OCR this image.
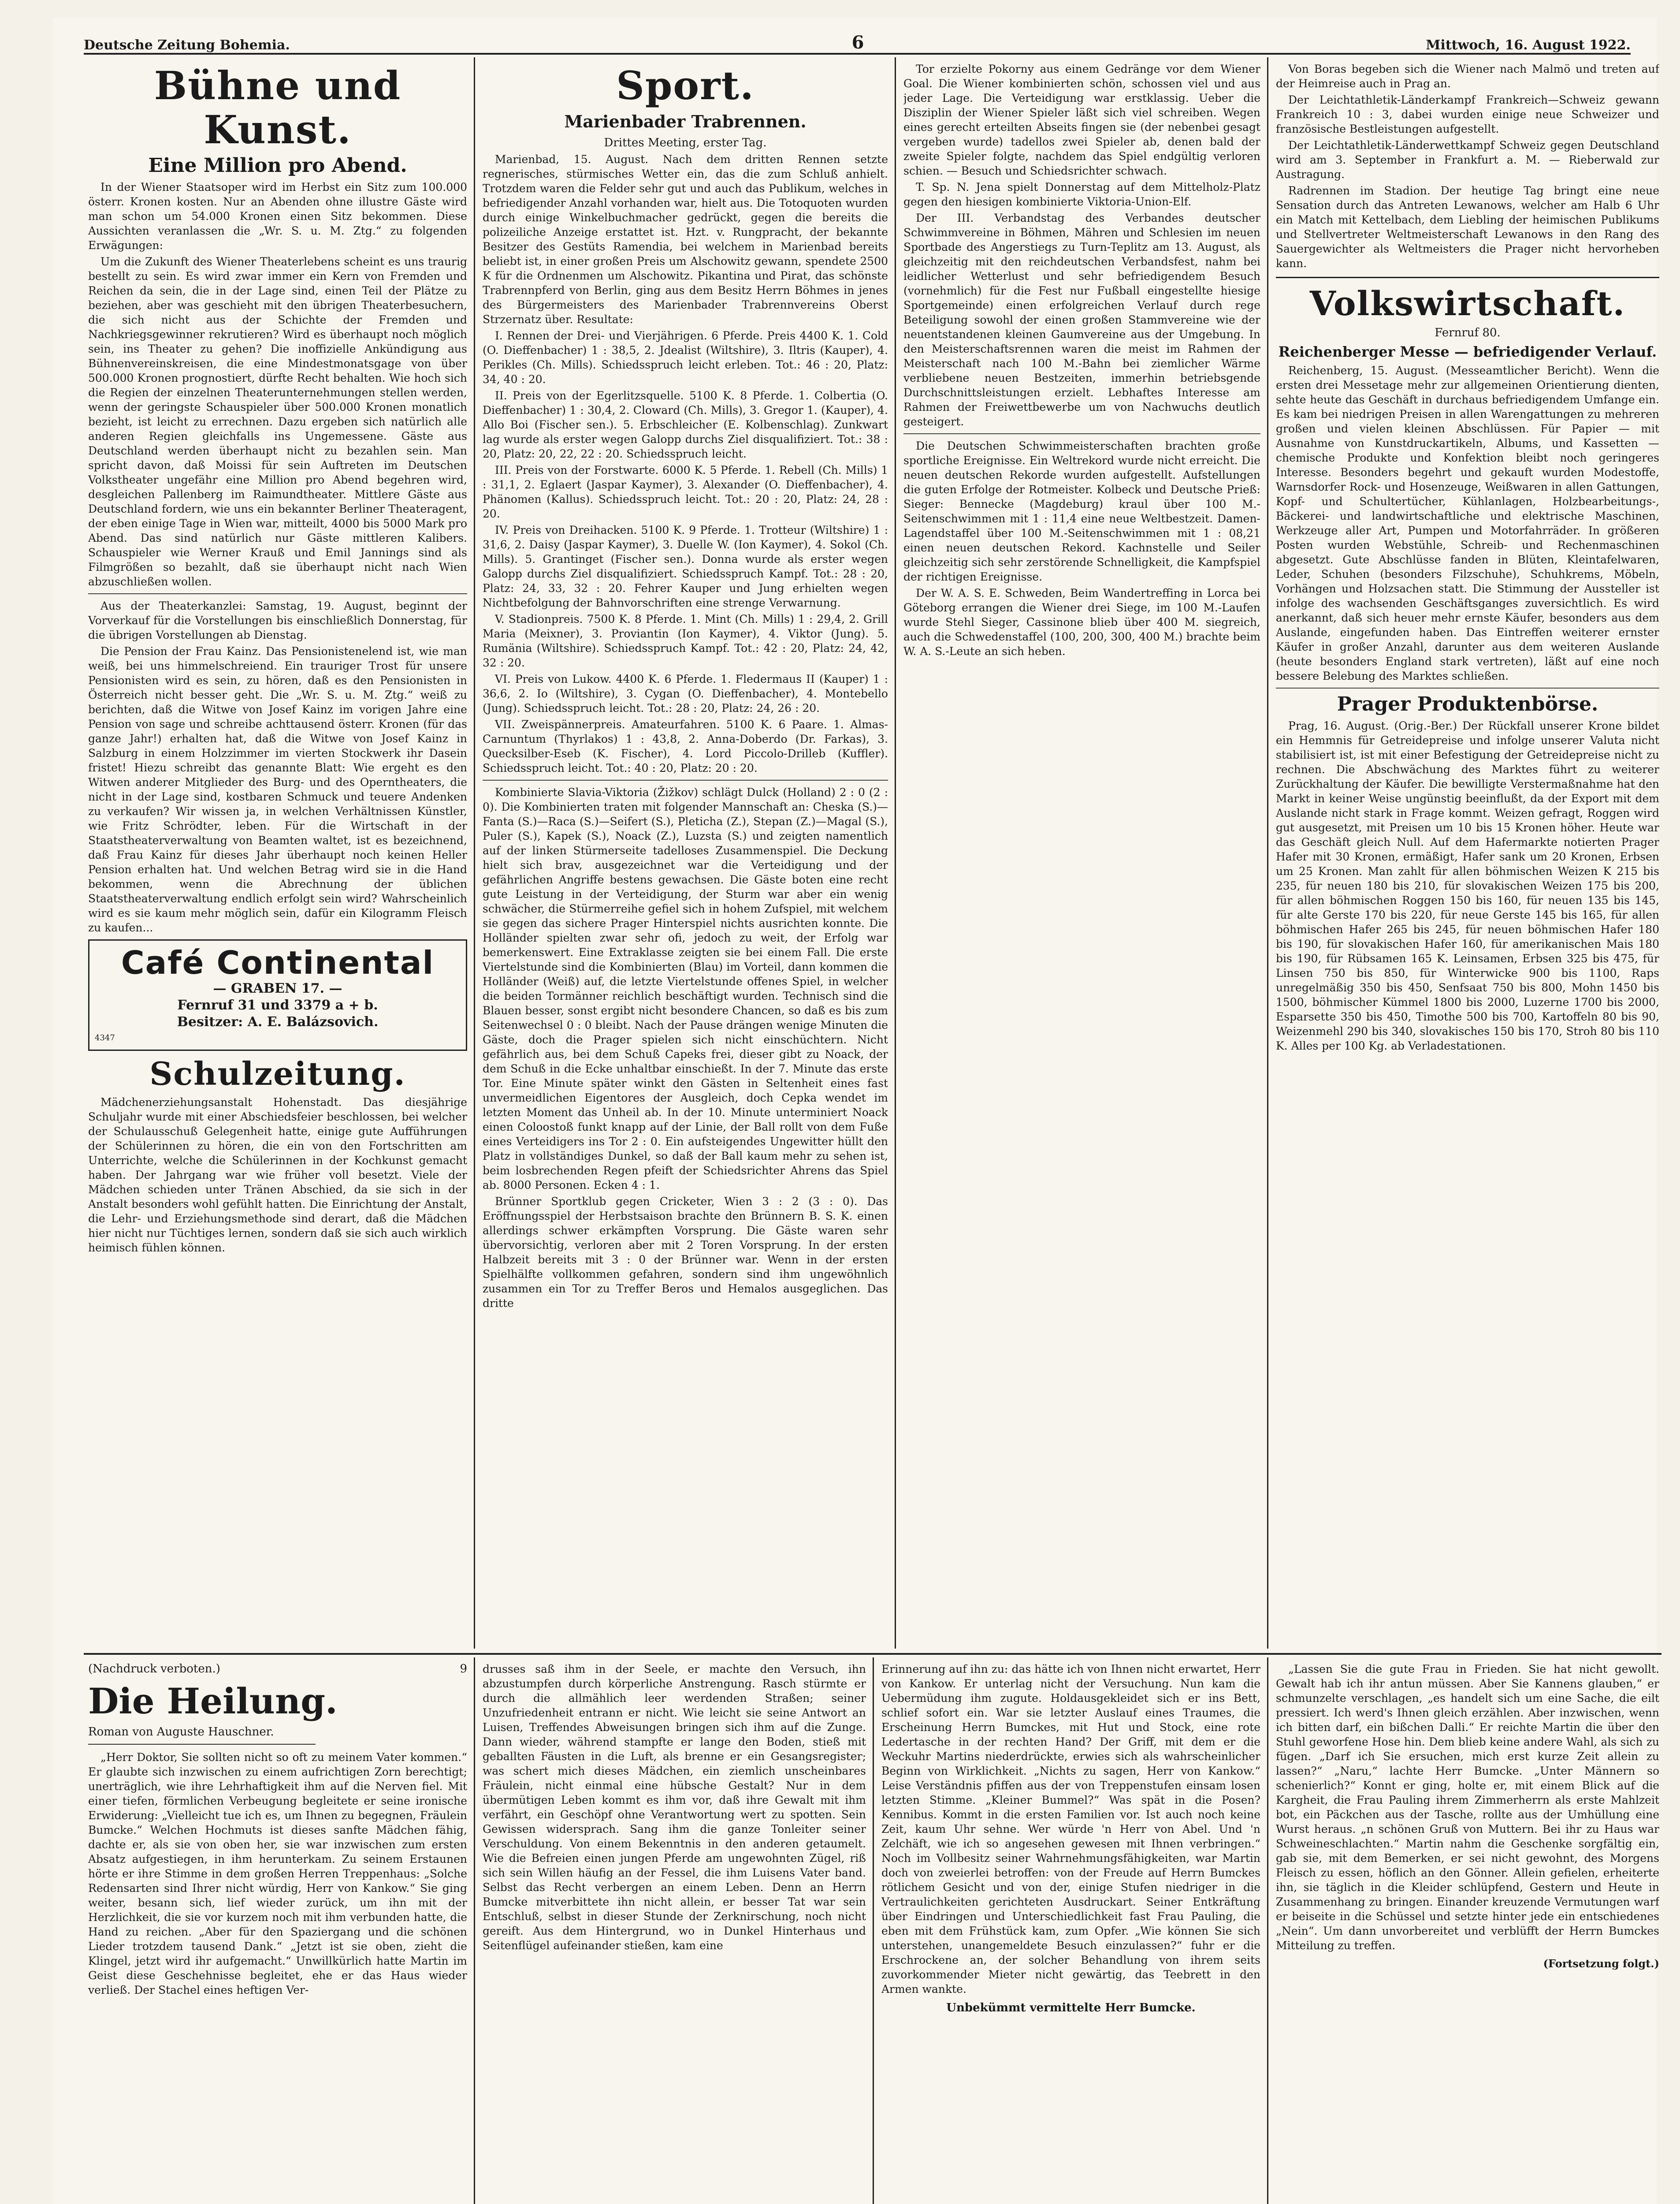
Deutsche Zeitung Bohemia.	6	Mittwoch, 16. August 1922.
Bühne und Kunst.
Eine Million pro Abend.

In der Wiener Staatsoper wird im Herbst ein Sitz zum 100.000 österr. Kronen kosten. Nur an Abenden ohne illustre Gäste wird man schon um 54.000 Kronen einen Sitz bekommen. Diese Aussichten veranlassen die „Wr. S. u. M. Ztg.“ zu folgenden Erwägungen:

Um die Zukunft des Wiener Theaterlebens scheint es uns traurig bestellt zu sein. Es wird zwar immer ein Kern von Fremden und Reichen da sein, die in der Lage sind, einen Teil der Plätze zu beziehen, aber was geschieht mit den übrigen Theaterbesuchern, die sich nicht aus der Schichte der Fremden und Nachkriegsgewinner rekrutieren? Wird es überhaupt noch möglich sein, ins Theater zu gehen? Die inoffizielle Ankündigung aus Bühnenvereinskreisen, die eine Mindestmonatsgage von über 500.000 Kronen prognostiert, dürfte Recht behalten. Wie hoch sich die Regien der einzelnen Theaterunternehmungen stellen werden, wenn der geringste Schauspieler über 500.000 Kronen monatlich bezieht, ist leicht zu errechnen. Dazu ergeben sich natürlich alle anderen Regien gleichfalls ins Ungemessene. Gäste aus Deutschland werden überhaupt nicht zu bezahlen sein. Man spricht davon, daß Moissi für sein Auftreten im Deutschen Volkstheater ungefähr eine Million pro Abend begehren wird, desgleichen Pallenberg im Raimundtheater. Mittlere Gäste aus Deutschland fordern, wie uns ein bekannter Berliner Theateragent, der eben einige Tage in Wien war, mitteilt, 4000 bis 5000 Mark pro Abend. Das sind natürlich nur Gäste mittleren Kalibers. Schauspieler wie Werner Krauß und Emil Jannings sind als Filmgrößen so bezahlt, daß sie überhaupt nicht nach Wien abzuschließen wollen.

Aus der Theaterkanzlei: Samstag, 19. August, beginnt der Vorverkauf für die Vorstellungen bis einschließlich Donnerstag, für die übrigen Vorstellungen ab Dienstag.

Die Pension der Frau Kainz. Das Pensionistenelend ist, wie man weiß, bei uns himmelschreiend. Ein trauriger Trost für unsere Pensionisten wird es sein, zu hören, daß es den Pensionisten in Österreich nicht besser geht. Die „Wr. S. u. M. Ztg.“ weiß zu berichten, daß die Witwe von Josef Kainz im vorigen Jahre eine Pension von sage und schreibe achttausend österr. Kronen (für das ganze Jahr!) erhalten hat, daß die Witwe von Josef Kainz in Salzburg in einem Holzzimmer im vierten Stockwerk ihr Dasein fristet! Hiezu schreibt das genannte Blatt: Wie ergeht es den Witwen anderer Mitglieder des Burg- und des Operntheaters, die nicht in der Lage sind, kostbaren Schmuck und teuere Andenken zu verkaufen? Wir wissen ja, in welchen Verhältnissen Künstler, wie Fritz Schrödter, leben. Für die Wirtschaft in der Staatstheaterverwaltung von Beamten waltet, ist es bezeichnend, daß Frau Kainz für dieses Jahr überhaupt noch keinen Heller Pension erhalten hat. Und welchen Betrag wird sie in die Hand bekommen, wenn die Abrechnung der üblichen Staatstheaterverwaltung endlich erfolgt sein wird? Wahrscheinlich wird es sie kaum mehr möglich sein, dafür ein Kilogramm Fleisch zu kaufen...

Café Continental
— GRABEN 17. —
Fernruf 31 und 3379 a + b.
Besitzer: A. E. Balázsovich.
4347
Schulzeitung.

Mädchenerziehungsanstalt Hohenstadt. Das diesjährige Schuljahr wurde mit einer Abschiedsfeier beschlossen, bei welcher der Schulausschuß Gelegenheit hatte, einige gute Aufführungen der Schülerinnen zu hören, die ein von den Fortschritten am Unterrichte, welche die Schülerinnen in der Kochkunst gemacht haben. Der Jahrgang war wie früher voll besetzt. Viele der Mädchen schieden unter Tränen Abschied, da sie sich in der Anstalt besonders wohl gefühlt hatten. Die Einrichtung der Anstalt, die Lehr- und Erziehungsmethode sind derart, daß die Mädchen hier nicht nur Tüchtiges lernen, sondern daß sie sich auch wirklich heimisch fühlen können.

Sport.
Marienbader Trabrennen.
Drittes Meeting, erster Tag.

Marienbad, 15. August. Nach dem dritten Rennen setzte regnerisches, stürmisches Wetter ein, das die zum Schluß anhielt. Trotzdem waren die Felder sehr gut und auch das Publikum, welches in befriedigender Anzahl vorhanden war, hielt aus. Die Totoquoten wurden durch einige Winkelbuchmacher gedrückt, gegen die bereits die polizeiliche Anzeige erstattet ist. Hzt. v. Rungpracht, der bekannte Besitzer des Gestüts Ramendia, bei welchem in Marienbad bereits beliebt ist, in einer großen Preis um Alschowitz gewann, spendete 2500 K für die Ordnenmen um Alschowitz. Pikantina und Pirat, das schönste Trabrennpferd von Berlin, ging aus dem Besitz Herrn Böhmes in jenes des Bürgermeisters des Marienbader Trabrennvereins Oberst Strzernatz über. Resultate:

I. Rennen der Drei- und Vierjährigen. 6 Pferde. Preis 4400 K. 1. Cold (O. Dieffenbacher) 1 : 38,5, 2. Jdealist (Wiltshire), 3. Iltris (Kauper), 4. Perikles (Ch. Mills). Schiedsspruch leicht erleben. Tot.: 46 : 20, Platz: 34, 40 : 20.

II. Preis von der Egerlitzsquelle. 5100 K. 8 Pferde. 1. Colbertia (O. Dieffenbacher) 1 : 30,4, 2. Cloward (Ch. Mills), 3. Gregor 1. (Kauper), 4. Allo Boi (Fischer sen.). 5. Erbschleicher (E. Kolbenschlag). Zunkwart lag wurde als erster wegen Galopp durchs Ziel disqualifiziert. Tot.: 38 : 20, Platz: 20, 22, 22 : 20. Schiedsspruch leicht.

III. Preis von der Forstwarte. 6000 K. 5 Pferde. 1. Rebell (Ch. Mills) 1 : 31,1, 2. Eglaert (Jaspar Kaymer), 3. Alexander (O. Dieffenbacher), 4. Phänomen (Kallus). Schiedsspruch leicht. Tot.: 20 : 20, Platz: 24, 28 : 20.

IV. Preis von Dreihacken. 5100 K. 9 Pferde. 1. Trotteur (Wiltshire) 1 : 31,6, 2. Daisy (Jaspar Kaymer), 3. Duelle W. (Ion Kaymer), 4. Sokol (Ch. Mills). 5. Grantinget (Fischer sen.). Donna wurde als erster wegen Galopp durchs Ziel disqualifiziert. Schiedsspruch Kampf. Tot.: 28 : 20, Platz: 24, 33, 32 : 20. Fehrer Kauper und Jung erhielten wegen Nichtbefolgung der Bahnvorschriften eine strenge Verwarnung.

V. Stadionpreis. 7500 K. 8 Pferde. 1. Mint (Ch. Mills) 1 : 29,4, 2. Grill Maria (Meixner), 3. Proviantin (Ion Kaymer), 4. Viktor (Jung). 5. Rumänia (Wiltshire). Schiedsspruch Kampf. Tot.: 42 : 20, Platz: 24, 42, 32 : 20.

VI. Preis von Lukow. 4400 K. 6 Pferde. 1. Fledermaus II (Kauper) 1 : 36,6, 2. Io (Wiltshire), 3. Cygan (O. Dieffenbacher), 4. Montebello (Jung). Schiedsspruch leicht. Tot.: 28 : 20, Platz: 24, 26 : 20.

VII. Zweispännerpreis. Amateurfahren. 5100 K. 6 Paare. 1. Almas-Carnuntum (Thyrlakos) 1 : 43,8, 2. Anna-Doberdo (Dr. Farkas), 3. Quecksilber-Eseb (K. Fischer), 4. Lord Piccolo-Drilleb (Kuffler). Schiedsspruch leicht. Tot.: 40 : 20, Platz: 20 : 20.

Kombinierte Slavia-Viktoria (Žižkov) schlägt Dulck (Holland) 2 : 0 (2 : 0). Die Kombinierten traten mit folgender Mannschaft an: Cheska (S.)—Fanta (S.)—Raca (S.)—Seifert (S.), Pleticha (Z.), Stepan (Z.)—Magal (S.), Puler (S.), Kapek (S.), Noack (Z.), Luzsta (S.) und zeigten namentlich auf der linken Stürmerseite tadelloses Zusammenspiel. Die Deckung hielt sich brav, ausgezeichnet war die Verteidigung und der gefährlichen Angriffe bestens gewachsen. Die Gäste boten eine recht gute Leistung in der Verteidigung, der Sturm war aber ein wenig schwächer, die Stürmerreihe gefiel sich in hohem Zufspiel, mit welchem sie gegen das sichere Prager Hinterspiel nichts ausrichten konnte. Die Holländer spielten zwar sehr ofi, jedoch zu weit, der Erfolg war bemerkenswert. Eine Extraklasse zeigten sie bei einem Fall. Die erste Viertelstunde sind die Kombinierten (Blau) im Vorteil, dann kommen die Holländer (Weiß) auf, die letzte Viertelstunde offenes Spiel, in welcher die beiden Tormänner reichlich beschäftigt wurden. Technisch sind die Blauen besser, sonst ergibt nicht besondere Chancen, so daß es bis zum Seitenwechsel 0 : 0 bleibt. Nach der Pause drängen wenige Minuten die Gäste, doch die Prager spielen sich nicht einschüchtern. Nicht gefährlich aus, bei dem Schuß Capeks frei, dieser gibt zu Noack, der dem Schuß in die Ecke unhaltbar einschießt. In der 7. Minute das erste Tor. Eine Minute später winkt den Gästen in Seltenheit eines fast unvermeidlichen Eigentores der Ausgleich, doch Cepka wendet im letzten Moment das Unheil ab. In der 10. Minute unterminiert Noack einen Coloostoß funkt knapp auf der Linie, der Ball rollt von dem Fuße eines Verteidigers ins Tor 2 : 0. Ein aufsteigendes Ungewitter hüllt den Platz in vollständiges Dunkel, so daß der Ball kaum mehr zu sehen ist, beim losbrechenden Regen pfeift der Schiedsrichter Ahrens das Spiel ab. 8000 Personen. Ecken 4 : 1.

Brünner Sportklub gegen Cricketer, Wien 3 : 2 (3 : 0). Das Eröffnungsspiel der Herbstsaison brachte den Brünnern B. S. K. einen allerdings schwer erkämpften Vorsprung. Die Gäste waren sehr übervorsichtig, verloren aber mit 2 Toren Vorsprung. In der ersten Halbzeit bereits mit 3 : 0 der Brünner war. Wenn in der ersten Spielhälfte vollkommen gefahren, sondern sind ihm ungewöhnlich zusammen ein Tor zu Treffer Beros und Hemalos ausgeglichen. Das dritte

Tor erzielte Pokorny aus einem Gedränge vor dem Wiener Goal. Die Wiener kombinierten schön, schossen viel und aus jeder Lage. Die Verteidigung war erstklassig. Ueber die Disziplin der Wiener Spieler läßt sich viel schreiben. Wegen eines gerecht erteilten Abseits fingen sie (der nebenbei gesagt vergeben wurde) tadellos zwei Spieler ab, denen bald der zweite Spieler folgte, nachdem das Spiel endgültig verloren schien. — Besuch und Schiedsrichter schwach.

T. Sp. N. Jena spielt Donnerstag auf dem Mittelholz-Platz gegen den hiesigen kombinierte Viktoria-Union-Elf.

Der III. Verbandstag des Verbandes deutscher Schwimmvereine in Böhmen, Mähren und Schlesien im neuen Sportbade des Angerstiegs zu Turn-Teplitz am 13. August, als gleichzeitig mit den reichdeutschen Verbandsfest, nahm bei leidlicher Wetterlust und sehr befriedigendem Besuch (vornehmlich) für die Fest nur Fußball eingestellte hiesige Sportgemeinde) einen erfolgreichen Verlauf durch rege Beteiligung sowohl der einen großen Stammvereine wie der neuentstandenen kleinen Gaumvereine aus der Umgebung. In den Meisterschaftsrennen waren die meist im Rahmen der Meisterschaft nach 100 M.-Bahn bei ziemlicher Wärme verbliebene neuen Bestzeiten, immerhin betriebsgende Durchschnittsleistungen erzielt. Lebhaftes Interesse am Rahmen der Freiwettbewerbe um von Nachwuchs deutlich gesteigert.

Die Deutschen Schwimmeisterschaften brachten große sportliche Ereignisse. Ein Weltrekord wurde nicht erreicht. Die neuen deutschen Rekorde wurden aufgestellt. Aufstellungen die guten Erfolge der Rotmeister. Kolbeck und Deutsche Prieß: Sieger: Bennecke (Magdeburg) kraul über 100 M.-Seitenschwimmen mit 1 : 11,4 eine neue Weltbestzeit. Damen-Lagendstaffel über 100 M.-Seitenschwimmen mit 1 : 08,21 einen neuen deutschen Rekord. Kachnstelle und Seiler gleichzeitig sich sehr zerstörende Schnelligkeit, die Kampfspiel der richtigen Ereignisse.

Der W. A. S. E. Schweden, Beim Wandertreffing in Lorca bei Göteborg errangen die Wiener drei Siege, im 100 M.-Laufen wurde Stehl Sieger, Cassinone blieb über 400 M. siegreich, auch die Schwedenstaffel (100, 200, 300, 400 M.) brachte beim W. A. S.-Leute an sich heben.

Von Boras begeben sich die Wiener nach Malmö und treten auf der Heimreise auch in Prag an.

Der Leichtathletik-Länderkampf Frankreich—Schweiz gewann Frankreich 10 : 3, dabei wurden einige neue Schweizer und französische Bestleistungen aufgestellt.

Der Leichtathletik-Länderwettkampf Schweiz gegen Deutschland wird am 3. September in Frankfurt a. M. — Rieberwald zur Austragung.

Radrennen im Stadion. Der heutige Tag bringt eine neue Sensation durch das Antreten Lewanows, welcher am Halb 6 Uhr ein Match mit Kettelbach, dem Liebling der heimischen Publikums und Stellvertreter Weltmeisterschaft Lewanows in den Rang des Sauergewichter als Weltmeisters die Prager nicht hervorheben kann.

Volkswirtschaft.
Fernruf 80.
Reichenberger Messe — befriedigender Verlauf.

Reichenberg, 15. August. (Messeamtlicher Bericht). Wenn die ersten drei Messetage mehr zur allgemeinen Orientierung dienten, sehte heute das Geschäft in durchaus befriedigendem Umfange ein. Es kam bei niedrigen Preisen in allen Warengattungen zu mehreren großen und vielen kleinen Abschlüssen. Für Papier — mit Ausnahme von Kunstdruckartikeln, Albums, und Kassetten — chemische Produkte und Konfektion bleibt noch geringeres Interesse. Besonders begehrt und gekauft wurden Modestoffe, Warnsdorfer Rock- und Hosenzeuge, Weißwaren in allen Gattungen, Kopf- und Schultertücher, Kühlanlagen, Holzbearbeitungs-, Bäckerei- und landwirtschaftliche und elektrische Maschinen, Werkzeuge aller Art, Pumpen und Motorfahrräder. In größeren Posten wurden Webstühle, Schreib- und Rechenmaschinen abgesetzt. Gute Abschlüsse fanden in Blüten, Kleintafelwaren, Leder, Schuhen (besonders Filzschuhe), Schuhkrems, Möbeln, Vorhängen und Holzsachen statt. Die Stimmung der Aussteller ist infolge des wachsenden Geschäftsganges zuversichtlich. Es wird anerkannt, daß sich heuer mehr ernste Käufer, besonders aus dem Auslande, eingefunden haben. Das Eintreffen weiterer ernster Käufer in großer Anzahl, darunter aus dem weiteren Auslande (heute besonders England stark vertreten), läßt auf eine noch bessere Belebung des Marktes schließen.

Prager Produktenbörse.

Prag, 16. August. (Orig.-Ber.) Der Rückfall unserer Krone bildet ein Hemmnis für Getreidepreise und infolge unserer Valuta nicht stabilisiert ist, ist mit einer Befestigung der Getreidepreise nicht zu rechnen. Die Abschwächung des Marktes führt zu weiterer Zurückhaltung der Käufer. Die bewilligte Verstermaßnahme hat den Markt in keiner Weise ungünstig beeinflußt, da der Export mit dem Auslande nicht stark in Frage kommt. Weizen gefragt, Roggen wird gut ausgesetzt, mit Preisen um 10 bis 15 Kronen höher. Heute war das Geschäft gleich Null. Auf dem Hafermarkte notierten Prager Hafer mit 30 Kronen, ermäßigt, Hafer sank um 20 Kronen, Erbsen um 25 Kronen. Man zahlt für allen böhmischen Weizen K 215 bis 235, für neuen 180 bis 210, für slovakischen Weizen 175 bis 200, für allen böhmischen Roggen 150 bis 160, für neuen 135 bis 145, für alte Gerste 170 bis 220, für neue Gerste 145 bis 165, für allen böhmischen Hafer 265 bis 245, für neuen böhmischen Hafer 180 bis 190, für slovakischen Hafer 160, für amerikanischen Mais 180 bis 190, für Rübsamen 165 K. Leinsamen, Erbsen 325 bis 475, für Linsen 750 bis 850, für Winterwicke 900 bis 1100, Raps unregelmäßig 350 bis 450, Senfsaat 750 bis 800, Mohn 1450 bis 1500, böhmischer Kümmel 1800 bis 2000, Luzerne 1700 bis 2000, Esparsette 350 bis 450, Timothe 500 bis 700, Kartoffeln 80 bis 90, Weizenmehl 290 bis 340, slovakisches 150 bis 170, Stroh 80 bis 110 K. Alles per 100 Kg. ab Verladestationen.

(Nachdruck verboten.)	9
Die Heilung.
Roman von Auguste Hauschner.

„Herr Doktor, Sie sollten nicht so oft zu meinem Vater kommen.“ Er glaubte sich inzwischen zu einem aufrichtigen Zorn berechtigt; unerträglich, wie ihre Lehrhaftigkeit ihm auf die Nerven fiel. Mit einer tiefen, förmlichen Verbeugung begleitete er seine ironische Erwiderung: „Vielleicht tue ich es, um Ihnen zu begegnen, Fräulein Bumcke.“ Welchen Hochmuts ist dieses sanfte Mädchen fähig, dachte er, als sie von oben her, sie war inzwischen zum ersten Absatz aufgestiegen, in ihm herunterkam. Zu seinem Erstaunen hörte er ihre Stimme in dem großen Herren Treppenhaus: „Solche Redensarten sind Ihrer nicht würdig, Herr von Kankow.“ Sie ging weiter, besann sich, lief wieder zurück, um ihn mit der Herzlichkeit, die sie vor kurzem noch mit ihm verbunden hatte, die Hand zu reichen. „Aber für den Spaziergang und die schönen Lieder trotzdem tausend Dank.“ „Jetzt ist sie oben, zieht die Klingel, jetzt wird ihr aufgemacht.“ Unwillkürlich hatte Martin im Geist diese Geschehnisse begleitet, ehe er das Haus wieder verließ. Der Stachel eines heftigen Ver-

drusses saß ihm in der Seele, er machte den Versuch, ihn abzustumpfen durch körperliche Anstrengung. Rasch stürmte er durch die allmählich leer werdenden Straßen; seiner Unzufriedenheit entrann er nicht. Wie leicht sie seine Antwort an Luisen, Treffendes Abweisungen bringen sich ihm auf die Zunge. Dann wieder, während stampfte er lange den Boden, stieß mit geballten Fäusten in die Luft, als brenne er ein Gesangsregister; was schert mich dieses Mädchen, ein ziemlich unscheinbares Fräulein, nicht einmal eine hübsche Gestalt? Nur in dem übermütigen Leben kommt es ihm vor, daß ihre Gewalt mit ihm verfährt, ein Geschöpf ohne Verantwortung wert zu spotten. Sein Gewissen widersprach. Sang ihm die ganze Tonleiter seiner Verschuldung. Von einem Bekenntnis in den anderen getaumelt. Wie die Befreien einen jungen Pferde am ungewohnten Zügel, riß sich sein Willen häufig an der Fessel, die ihm Luisens Vater band. Selbst das Recht verbergen an einem Leben. Denn an Herrn Bumcke mitverbittete ihn nicht allein, er besser Tat war sein Entschluß, selbst in dieser Stunde der Zerknirschung, noch nicht gereift. Aus dem Hintergrund, wo in Dunkel Hinterhaus und Seitenflügel aufeinander stießen, kam eine

Erinnerung auf ihn zu: das hätte ich von Ihnen nicht erwartet, Herr von Kankow. Er unterlag nicht der Versuchung. Nun kam die Uebermüdung ihm zugute. Holdausgekleidet sich er ins Bett, schlief sofort ein. War sie letzter Auslauf eines Traumes, die Erscheinung Herrn Bumckes, mit Hut und Stock, eine rote Ledertasche in der rechten Hand? Der Griff, mit dem er die Weckuhr Martins niederdrückte, erwies sich als wahrscheinlicher Beginn von Wirklichkeit. „Nichts zu sagen, Herr von Kankow.“ Leise Verständnis pfiffen aus der von Treppenstufen einsam losen letzten Stimme. „Kleiner Bummel?“ Was spät in die Posen? Kennibus. Kommt in die ersten Familien vor. Ist auch noch keine Zeit, kaum Uhr sehne. Wer würde 'n Herr von Abel. Und 'n Zelchäft, wie ich so angesehen gewesen mit Ihnen verbringen.“ Noch im Vollbesitz seiner Wahrnehmungsfähigkeiten, war Martin doch von zweierlei betroffen: von der Freude auf Herrn Bumckes rötlichem Gesicht und von der, einige Stufen niedriger in die Vertraulichkeiten gerichteten Ausdruckart. Seiner Entkräftung über Eindringen und Unterschiedlichkeit fast Frau Pauling, die eben mit dem Frühstück kam, zum Opfer. „Wie können Sie sich unterstehen, unangemeldete Besuch einzulassen?“ fuhr er die Erschrockene an, der solcher Behandlung von ihrem seits zuvorkommender Mieter nicht gewärtig, das Teebrett in den Armen wankte.

Unbekümmt vermittelte Herr Bumcke.

„Lassen Sie die gute Frau in Frieden. Sie hat nicht gewollt. Gewalt hab ich ihr antun müssen. Aber Sie Kannens glauben,“ er schmunzelte verschlagen, „es handelt sich um eine Sache, die eilt pressiert. Ich werd's Ihnen gleich erzählen. Aber inzwischen, wenn ich bitten darf, ein bißchen Dalli.“ Er reichte Martin die über den Stuhl geworfene Hose hin. Dem blieb keine andere Wahl, als sich zu fügen. „Darf ich Sie ersuchen, mich erst kurze Zeit allein zu lassen?“ „Naru,“ lachte Herr Bumcke. „Unter Männern so schenierlich?“ Konnt er ging, holte er, mit einem Blick auf die Kargheit, die Frau Pauling ihrem Zimmerherrn als erste Mahlzeit bot, ein Päckchen aus der Tasche, rollte aus der Umhüllung eine Wurst heraus. „n schönen Gruß von Muttern. Bei ihr zu Haus war Schweineschlachten.“ Martin nahm die Geschenke sorgfältig ein, gab sie, mit dem Bemerken, er sei nicht gewohnt, des Morgens Fleisch zu essen, höflich an den Gönner. Allein gefielen, erheiterte ihn, sie täglich in die Kleider schlüpfend, Gestern und Heute in Zusammenhang zu bringen. Einander kreuzende Vermutungen warf er beiseite in die Schüssel und setzte hinter jede ein entschiedenes „Nein“. Um dann unvorbereitet und verblüfft der Herrn Bumckes Mitteilung zu treffen.

(Fortsetzung folgt.)
